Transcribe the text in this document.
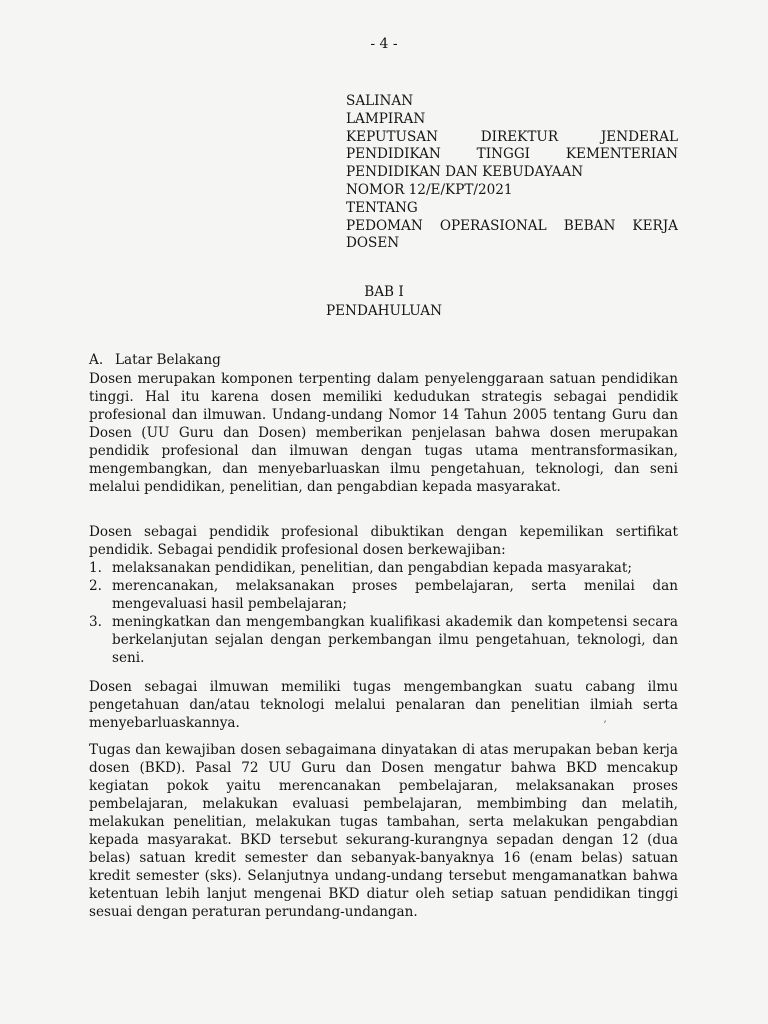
- 4 -
SALINAN
LAMPIRAN
KEPUTUSAN DIREKTUR JENDERAL
PENDIDIKAN TINGGI KEMENTERIAN
PENDIDIKAN DAN KEBUDAYAAN
NOMOR 12/E/KPT/2021
TENTANG
PEDOMAN OPERASIONAL BEBAN KERJA
DOSEN
BAB I
PENDAHULUAN
A. Latar Belakang

Dosen merupakan komponen terpenting dalam penyelenggaraan satuan pendidikan tinggi. Hal itu karena dosen memiliki kedudukan strategis sebagai pendidik profesional dan ilmuwan. Undang-undang Nomor 14 Tahun 2005 tentang Guru dan Dosen (UU Guru dan Dosen) memberikan penjelasan bahwa dosen merupakan pendidik profesional dan ilmuwan dengan tugas utama mentransformasikan, mengembangkan, dan menyebarluaskan ilmu pengetahuan, teknologi, dan seni melalui pendidikan, penelitian, dan pengabdian kepada masyarakat.

Dosen sebagai pendidik profesional dibuktikan dengan kepemilikan sertifikat pendidik. Sebagai pendidik profesional dosen berkewajiban:

1. melaksanakan pendidikan, penelitian, dan pengabdian kepada masyarakat;
2. merencanakan, melaksanakan proses pembelajaran, serta menilai dan mengevaluasi hasil pembelajaran;
3. meningkatkan dan mengembangkan kualifikasi akademik dan kompetensi secara berkelanjutan sejalan dengan perkembangan ilmu pengetahuan, teknologi, dan seni.

Dosen sebagai ilmuwan memiliki tugas mengembangkan suatu cabang ilmu pengetahuan dan/atau teknologi melalui penalaran dan penelitian ilmiah serta menyebarluaskannya.	ʼ

Tugas dan kewajiban dosen sebagaimana dinyatakan di atas merupakan beban kerja dosen (BKD). Pasal 72 UU Guru dan Dosen mengatur bahwa BKD mencakup kegiatan pokok yaitu merencanakan pembelajaran, melaksanakan proses pembelajaran, melakukan evaluasi pembelajaran, membimbing dan melatih, melakukan penelitian, melakukan tugas tambahan, serta melakukan pengabdian kepada masyarakat. BKD tersebut sekurang-kurangnya sepadan dengan 12 (dua belas) satuan kredit semester dan sebanyak-banyaknya 16 (enam belas) satuan kredit semester (sks). Selanjutnya undang-undang tersebut mengamanatkan bahwa ketentuan lebih lanjut mengenai BKD diatur oleh setiap satuan pendidikan tinggi sesuai dengan peraturan perundang-undangan.
